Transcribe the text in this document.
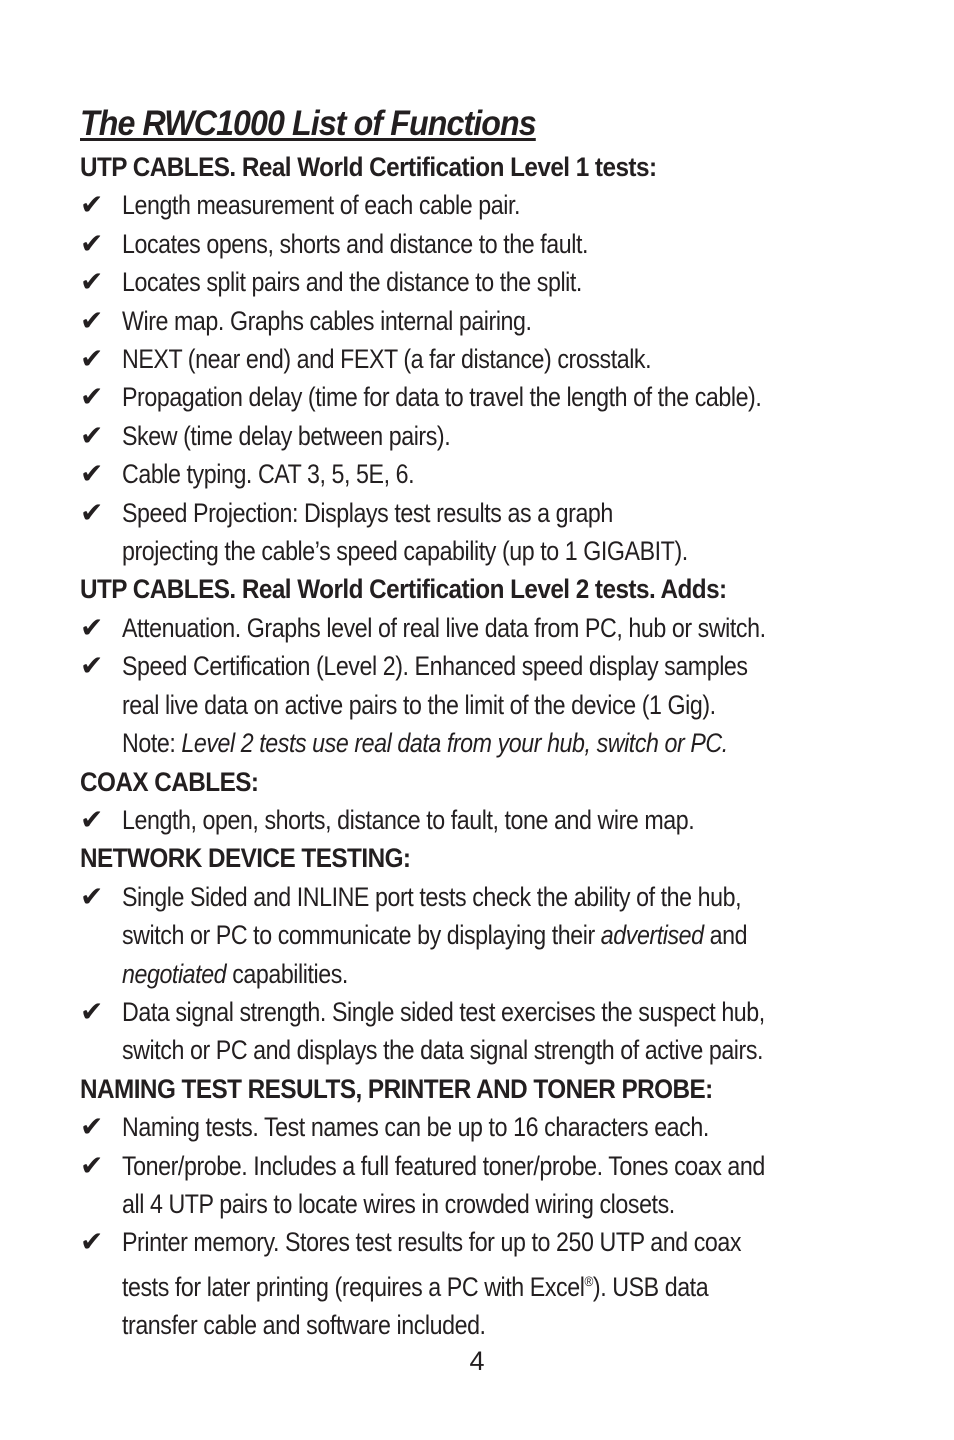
The RWC1000 List of Functions
UTP CABLES. Real World Certification Level 1 tests:
✔ Length measurement of each cable pair.
✔ Locates opens, shorts and distance to the fault.
✔ Locates split pairs and the distance to the split.
✔ Wire map. Graphs cables internal pairing.
✔ NEXT (near end) and FEXT (a far distance) crosstalk.
✔ Propagation delay (time for data to travel the length of the cable).
✔ Skew (time delay between pairs).
✔ Cable typing. CAT 3, 5, 5E, 6.
✔ Speed Projection: Displays test results as a graph
projecting the cable’s speed capability (up to 1 GIGABIT).
UTP CABLES. Real World Certification Level 2 tests. Adds:
✔ Attenuation. Graphs level of real live data from PC, hub or switch.
✔ Speed Certification (Level 2). Enhanced speed display samples
real live data on active pairs to the limit of the device (1 Gig).
Note: Level 2 tests use real data from your hub, switch or PC.
COAX CABLES:
✔ Length, open, shorts, distance to fault, tone and wire map.
NETWORK DEVICE TESTING:
✔ Single Sided and INLINE port tests check the ability of the hub,
switch or PC to communicate by displaying their advertised and
negotiated capabilities.
✔ Data signal strength. Single sided test exercises the suspect hub,
switch or PC and displays the data signal strength of active pairs.
NAMING TEST RESULTS, PRINTER AND TONER PROBE:
✔ Naming tests. Test names can be up to 16 characters each.
✔ Toner/probe. Includes a full featured toner/probe. Tones coax and
all 4 UTP pairs to locate wires in crowded wiring closets.
✔ Printer memory. Stores test results for up to 250 UTP and coax
tests for later printing (requires a PC with Excel®). USB data
transfer cable and software included.
4
